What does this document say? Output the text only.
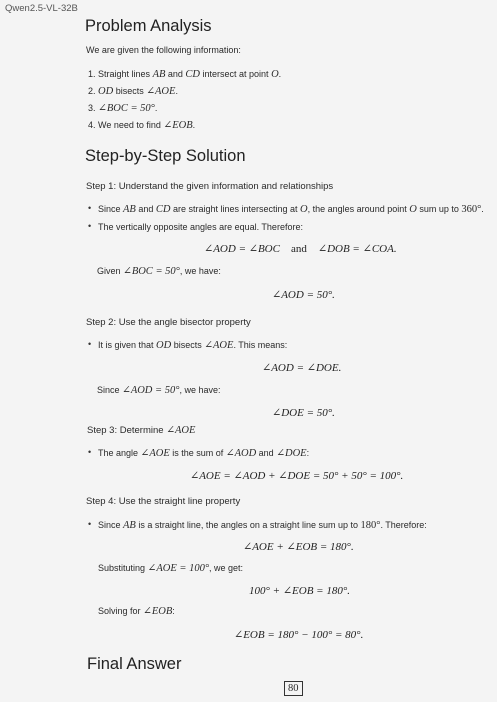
Qwen2.5-VL-32B
Problem Analysis
We are given the following information:
1. Straight lines AB and CD intersect at point O.
2. OD bisects ∠AOE.
3. ∠BOC = 50°.
4. We need to find ∠EOB.
Step-by-Step Solution
Step 1: Understand the given information and relationships
• Since AB and CD are straight lines intersecting at O, the angles around point O sum up to 360°.
• The vertically opposite angles are equal. Therefore:
∠AOD = ∠BOC and ∠DOB = ∠COA.
Given ∠BOC = 50°, we have:
∠AOD = 50°.
Step 2: Use the angle bisector property
• It is given that OD bisects ∠AOE. This means:
∠AOD = ∠DOE.
Since ∠AOD = 50°, we have:
∠DOE = 50°.
Step 3: Determine ∠AOE
• The angle ∠AOE is the sum of ∠AOD and ∠DOE:
∠AOE = ∠AOD + ∠DOE = 50° + 50° = 100°.
Step 4: Use the straight line property
• Since AB is a straight line, the angles on a straight line sum up to 180°. Therefore:
∠AOE + ∠EOB = 180°.
Substituting ∠AOE = 100°, we get:
100° + ∠EOB = 180°.
Solving for ∠EOB:
∠EOB = 180° − 100° = 80°.
Final Answer
80
